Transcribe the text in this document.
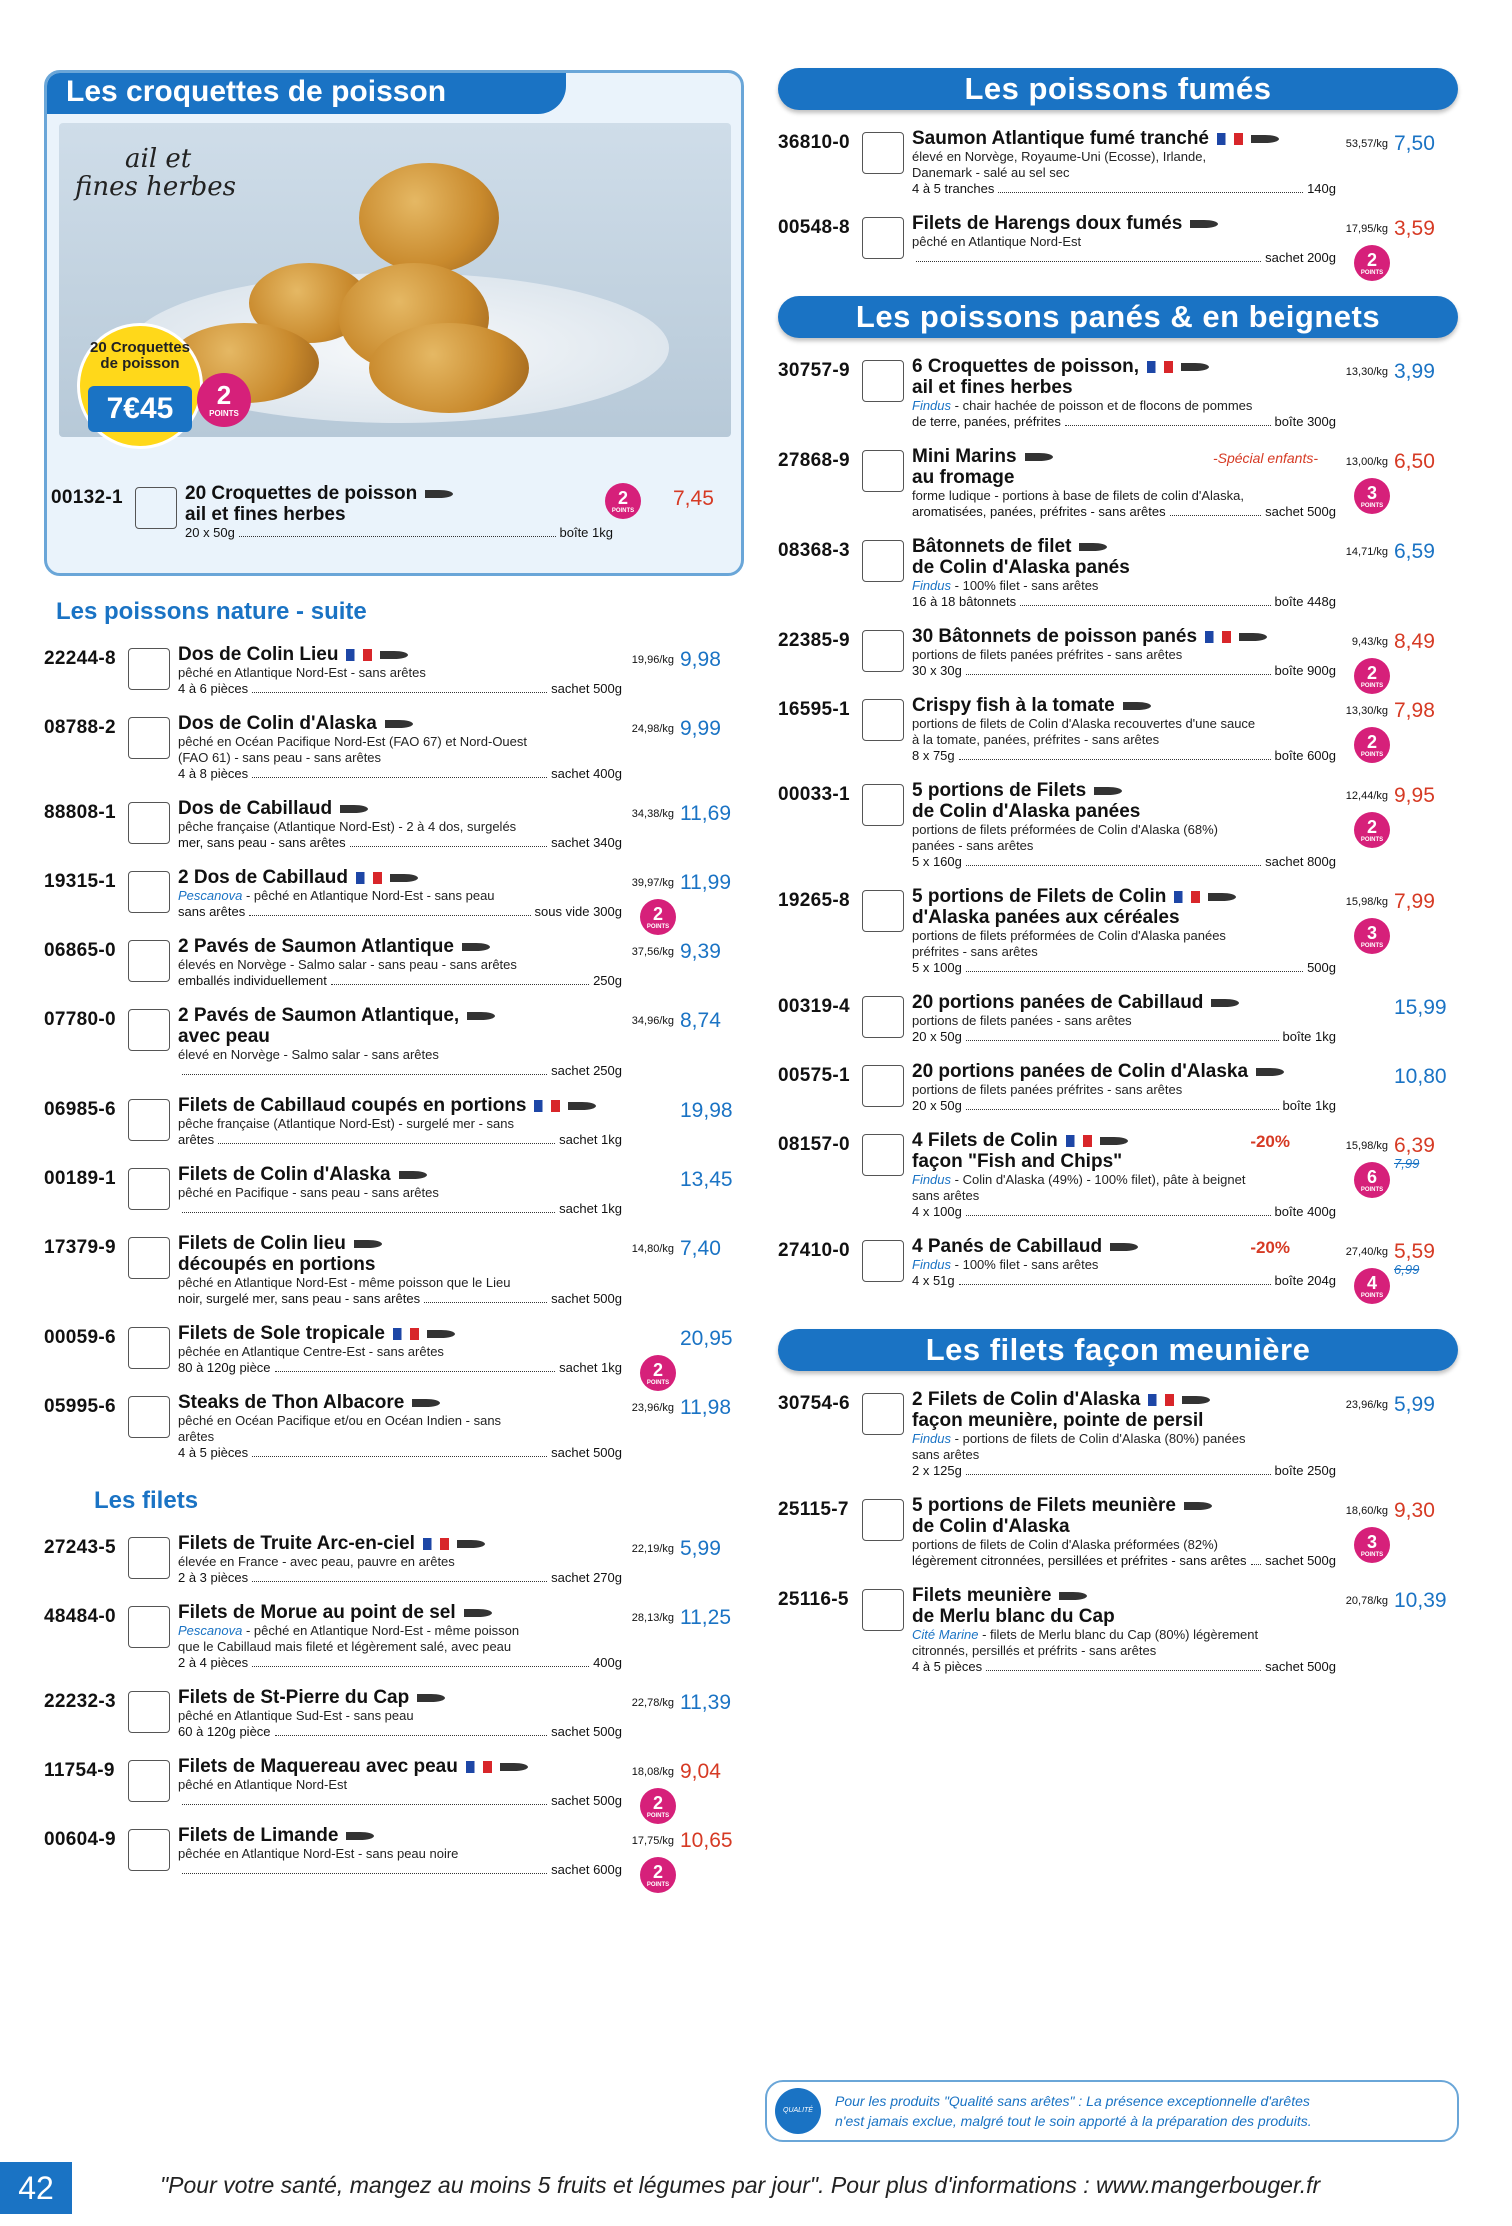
Les croquettes de poisson
ail et
fines herbes
20 Croquettes de poisson
7€45	2
POINTS
00132-1	20 Croquettes de poisson
ail et fines herbes
20 x 50g	boîte 1kg
2
POINTS
7,45
Les poissons nature - suite
22244-8	Dos de Colin Lieu
pêché en Atlantique Nord-Est - sans arêtes
4 à 6 pièces	sachet 500g
19,96/kg 9,98
08788-2	Dos de Colin d'Alaska
pêché en Océan Pacifique Nord-Est (FAO 67) et Nord-Ouest
(FAO 61) - sans peau - sans arêtes
4 à 8 pièces	sachet 400g
24,98/kg 9,99
88808-1	Dos de Cabillaud
pêche française (Atlantique Nord-Est) - 2 à 4 dos, surgelés
mer, sans peau - sans arêtes	sachet 340g
34,38/kg 11,69
19315-1	2 Dos de Cabillaud
Pescanova - pêché en Atlantique Nord-Est - sans peau
sans arêtes	sous vide 300g
39,97/kg 11,99
2
POINTS
06865-0	2 Pavés de Saumon Atlantique
élevés en Norvège - Salmo salar - sans peau - sans arêtes
emballés individuellement	250g
37,56/kg 9,39
07780-0	2 Pavés de Saumon Atlantique,
avec peau
élevé en Norvège - Salmo salar - sans arêtes
sachet 250g
34,96/kg 8,74
06985-6	Filets de Cabillaud coupés en portions
pêche française (Atlantique Nord-Est) - surgelé mer - sans
arêtes	sachet 1kg
19,98
00189-1	Filets de Colin d'Alaska
pêché en Pacifique - sans peau - sans arêtes
sachet 1kg
13,45
17379-9	Filets de Colin lieu
découpés en portions
pêché en Atlantique Nord-Est - même poisson que le Lieu
noir, surgelé mer, sans peau - sans arêtes	sachet 500g
14,80/kg 7,40
00059-6	Filets de Sole tropicale
pêchée en Atlantique Centre-Est - sans arêtes
80 à 120g pièce	sachet 1kg
20,95
2
POINTS
05995-6	Steaks de Thon Albacore
pêché en Océan Pacifique et/ou en Océan Indien - sans
arêtes
4 à 5 pièces	sachet 500g
23,96/kg 11,98
Les filets
27243-5	Filets de Truite Arc-en-ciel
élevée en France - avec peau, pauvre en arêtes
2 à 3 pièces	sachet 270g
22,19/kg 5,99
48484-0	Filets de Morue au point de sel
Pescanova - pêché en Atlantique Nord-Est - même poisson
que le Cabillaud mais fileté et légèrement salé, avec peau
2 à 4 pièces	400g
28,13/kg 11,25
22232-3	Filets de St-Pierre du Cap
pêché en Atlantique Sud-Est - sans peau
60 à 120g pièce	sachet 500g
22,78/kg 11,39
11754-9	Filets de Maquereau avec peau
pêché en Atlantique Nord-Est
sachet 500g
18,08/kg 9,04
2
POINTS
00604-9	Filets de Limande
pêchée en Atlantique Nord-Est - sans peau noire
sachet 600g
17,75/kg 10,65
2
POINTS
Les poissons fumés
36810-0	Saumon Atlantique fumé tranché
élevé en Norvège, Royaume-Uni (Ecosse), Irlande,
Danemark - salé au sel sec
4 à 5 tranches	140g
53,57/kg 7,50
00548-8	Filets de Harengs doux fumés
pêché en Atlantique Nord-Est
sachet 200g
17,95/kg 3,59
2
POINTS
Les poissons panés & en beignets
30757-9	6 Croquettes de poisson,
ail et fines herbes
Findus - chair hachée de poisson et de flocons de pommes
de terre, panées, préfrites	boîte 300g
13,30/kg 3,99
27868-9	Mini Marins
au fromage
forme ludique - portions à base de filets de colin d'Alaska,
aromatisées, panées, préfrites - sans arêtes	sachet 500g
13,00/kg 6,50
3
POINTS
-Spécial enfants-
08368-3	Bâtonnets de filet
de Colin d'Alaska panés
Findus - 100% filet - sans arêtes
16 à 18 bâtonnets	boîte 448g
14,71/kg 6,59
22385-9	30 Bâtonnets de poisson panés
portions de filets panées préfrites - sans arêtes
30 x 30g	boîte 900g
9,43/kg 8,49
2
POINTS
16595-1	Crispy fish à la tomate
portions de filets de Colin d'Alaska recouvertes d'une sauce
à la tomate, panées, préfrites - sans arêtes
8 x 75g	boîte 600g
13,30/kg 7,98
2
POINTS
00033-1	5 portions de Filets
de Colin d'Alaska panées
portions de filets préformées de Colin d'Alaska (68%)
panées - sans arêtes
5 x 160g	sachet 800g
12,44/kg 9,95
2
POINTS
19265-8	5 portions de Filets de Colin
d'Alaska panées aux céréales
portions de filets préformées de Colin d'Alaska panées
préfrites - sans arêtes
5 x 100g	500g
15,98/kg 7,99
3
POINTS
00319-4	20 portions panées de Cabillaud
portions de filets panées - sans arêtes
20 x 50g	boîte 1kg
15,99
00575-1	20 portions panées de Colin d'Alaska
portions de filets panées préfrites - sans arêtes
20 x 50g	boîte 1kg
10,80
08157-0	4 Filets de Colin
façon "Fish and Chips"
Findus - Colin d'Alaska (49%) - 100% filet), pâte à beignet
sans arêtes
4 x 100g	boîte 400g
15,98/kg 6,39
7,99
6
POINTS
-20%
27410-0	4 Panés de Cabillaud
Findus - 100% filet - sans arêtes
4 x 51g	boîte 204g
27,40/kg 5,59
6,99
4
POINTS
-20%
Les filets façon meunière
30754-6	2 Filets de Colin d'Alaska
façon meunière, pointe de persil
Findus - portions de filets de Colin d'Alaska (80%) panées
sans arêtes
2 x 125g	boîte 250g
23,96/kg 5,99
25115-7	5 portions de Filets meunière
de Colin d'Alaska
portions de filets de Colin d'Alaska préformées (82%)
légèrement citronnées, persillées et préfrites - sans arêtes sachet 500g
18,60/kg 9,30
3
POINTS
25116-5	Filets meunière
de Merlu blanc du Cap
Cité Marine - filets de Merlu blanc du Cap (80%) légèrement
citronnés, persillés et préfrits - sans arêtes
4 à 5 pièces	sachet 500g
20,78/kg 10,39
QUALITÉ SANS ARÊTES
Pour les produits "Qualité sans arêtes" : La présence exceptionnelle d'arêtes
n'est jamais exclue, malgré tout le soin apporté à la préparation des produits.
42	"Pour votre santé, mangez au moins 5 fruits et légumes par jour". Pour plus d'informations : www.mangerbouger.fr
